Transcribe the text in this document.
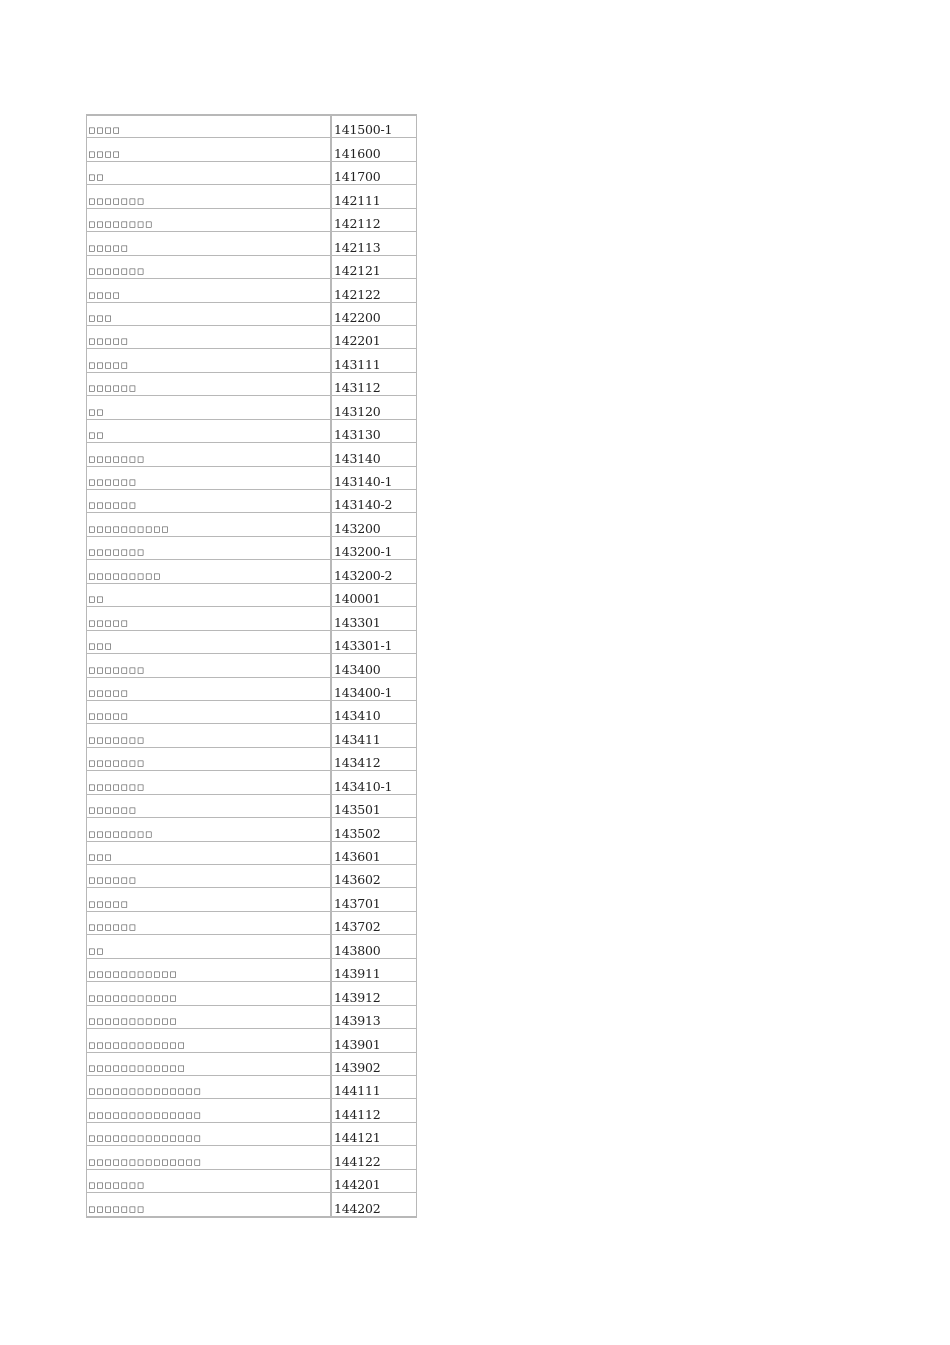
□□□□	141500-1
□□□□	141600
□□	141700
□□□□□□□	142111
□□□□□□□□	142112
□□□□□	142113
□□□□□□□	142121
□□□□	142122
□□□	142200
□□□□□	142201
□□□□□	143111
□□□□□□	143112
□□	143120
□□	143130
□□□□□□□	143140
□□□□□□	143140-1
□□□□□□	143140-2
□□□□□□□□□□	143200
□□□□□□□	143200-1
□□□□□□□□□	143200-2
□□	140001
□□□□□	143301
□□□	143301-1
□□□□□□□	143400
□□□□□	143400-1
□□□□□	143410
□□□□□□□	143411
□□□□□□□	143412
□□□□□□□	143410-1
□□□□□□	143501
□□□□□□□□	143502
□□□	143601
□□□□□□	143602
□□□□□	143701
□□□□□□	143702
□□	143800
□□□□□□□□□□□	143911
□□□□□□□□□□□	143912
□□□□□□□□□□□	143913
□□□□□□□□□□□□	143901
□□□□□□□□□□□□	143902
□□□□□□□□□□□□□□	144111
□□□□□□□□□□□□□□	144112
□□□□□□□□□□□□□□	144121
□□□□□□□□□□□□□□	144122
□□□□□□□	144201
□□□□□□□	144202
